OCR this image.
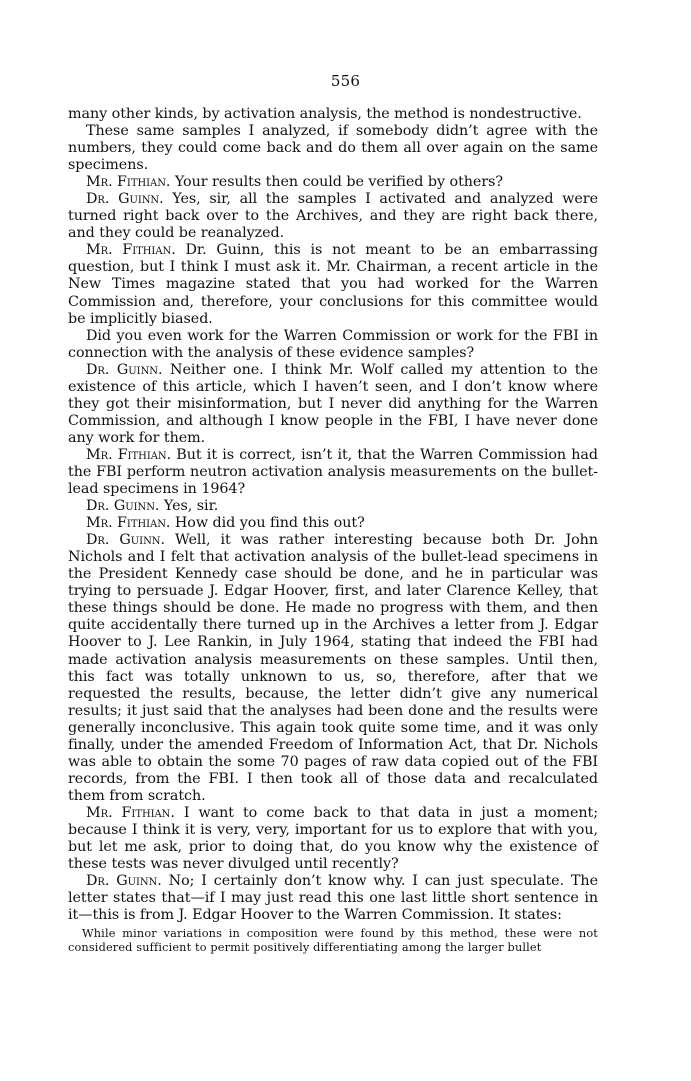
556

many other kinds, by activation analysis, the method is nondestructive.

These same samples I analyzed, if somebody didn’t agree with the numbers, they could come back and do them all over again on the same specimens.

Mr. Fithian. Your results then could be verified by others?

Dr. Guinn. Yes, sir, all the samples I activated and analyzed were turned right back over to the Archives, and they are right back there, and they could be reanalyzed.

Mr. Fithian. Dr. Guinn, this is not meant to be an embarrassing question, but I think I must ask it. Mr. Chairman, a recent article in the New Times magazine stated that you had worked for the Warren Commission and, therefore, your conclusions for this committee would be implicitly biased.

Did you even work for the Warren Commission or work for the FBI in connection with the analysis of these evidence samples?

Dr. Guinn. Neither one. I think Mr. Wolf called my attention to the existence of this article, which I haven’t seen, and I don’t know where they got their misinformation, but I never did anything for the Warren Commission, and although I know people in the FBI, I have never done any work for them.

Mr. Fithian. But it is correct, isn’t it, that the Warren Commission had the FBI perform neutron activation analysis measurements on the bullet-lead specimens in 1964?

Dr. Guinn. Yes, sir.

Mr. Fithian. How did you find this out?

Dr. Guinn. Well, it was rather interesting because both Dr. John Nichols and I felt that activation analysis of the bullet-lead specimens in the President Kennedy case should be done, and he in particular was trying to persuade J. Edgar Hoover, first, and later Clarence Kelley, that these things should be done. He made no progress with them, and then quite accidentally there turned up in the Archives a letter from J. Edgar Hoover to J. Lee Rankin, in July 1964, stating that indeed the FBI had made activation analysis measurements on these samples. Until then, this fact was totally unknown to us, so, therefore, after that we requested the results, because, the letter didn’t give any numerical results; it just said that the analyses had been done and the results were generally inconclusive. This again took quite some time, and it was only finally, under the amended Freedom of Information Act, that Dr. Nichols was able to obtain the some 70 pages of raw data copied out of the FBI records, from the FBI. I then took all of those data and recalculated them from scratch.

Mr. Fithian. I want to come back to that data in just a moment; because I think it is very, very, important for us to explore that with you, but let me ask, prior to doing that, do you know why the existence of these tests was never divulged until recently?

Dr. Guinn. No; I certainly don’t know why. I can just speculate. The letter states that—if I may just read this one last little short sentence in it—this is from J. Edgar Hoover to the Warren Commission. It states:

While minor variations in composition were found by this method, these were not considered sufficient to permit positively differentiating among the larger bullet
